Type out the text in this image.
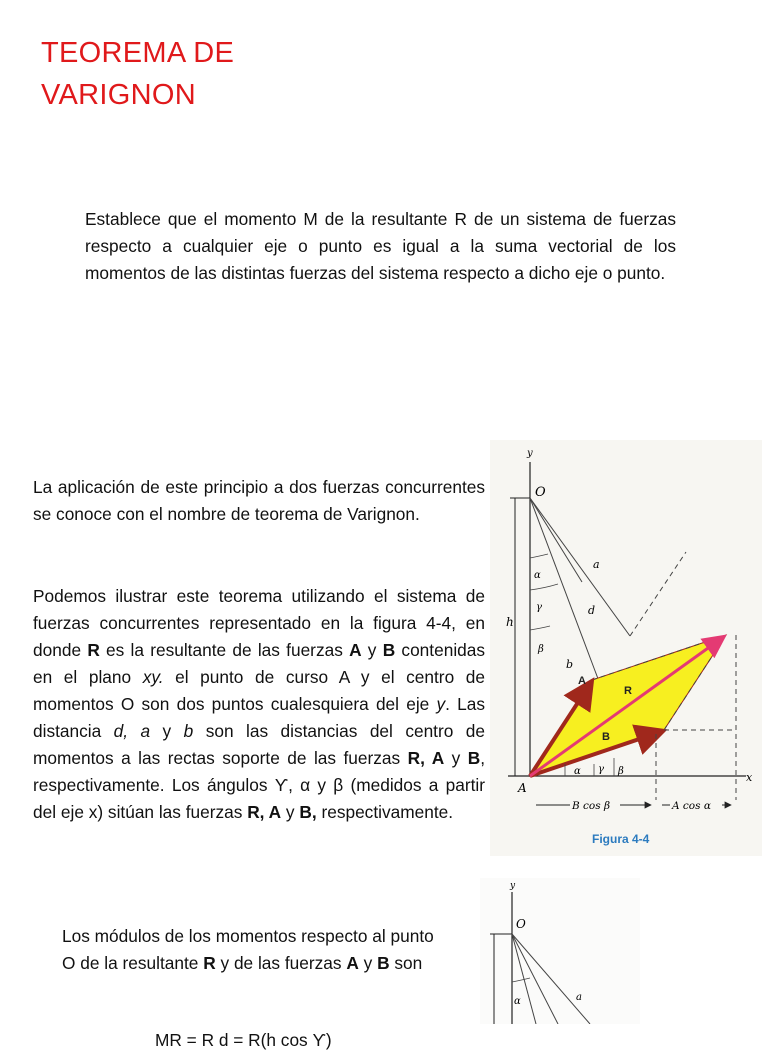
TEOREMA DE
VARIGNON

Establece que el momento M de la resultante R de un sistema de fuerzas respecto a cualquier eje o punto es igual a la suma vectorial de los momentos de las distintas fuerzas del sistema respecto a dicho eje o punto.

La aplicación de este principio a dos fuerzas concurrentes se conoce con el nombre de teorema de Varignon.

Podemos ilustrar este teorema utilizando el sistema de fuerzas concurrentes representado en la figura 4-4, en donde R es la resultante de las fuerzas A y B contenidas en el plano xy. el punto de curso A y el centro de momentos O son dos puntos cualesquiera del eje y. Las distancia d, a y b son las distancias del centro de momentos a las rectas soporte de las fuerzas R, A y B, respectivamente. Los ángulos ϒ, α y β (medidos a partir del eje x) sitúan las fuerzas R, A y B, respectivamente.

Los módulos de los momentos respecto al punto O de la resultante R y de las fuerzas A y B son

MR = R d = R(h cos ϒ)

y
x
O
A
h
a
d
b
α
γ
β
A
R
B
α γ β
B cos β	A cos α
Figura 4-4
y
O
α	a
